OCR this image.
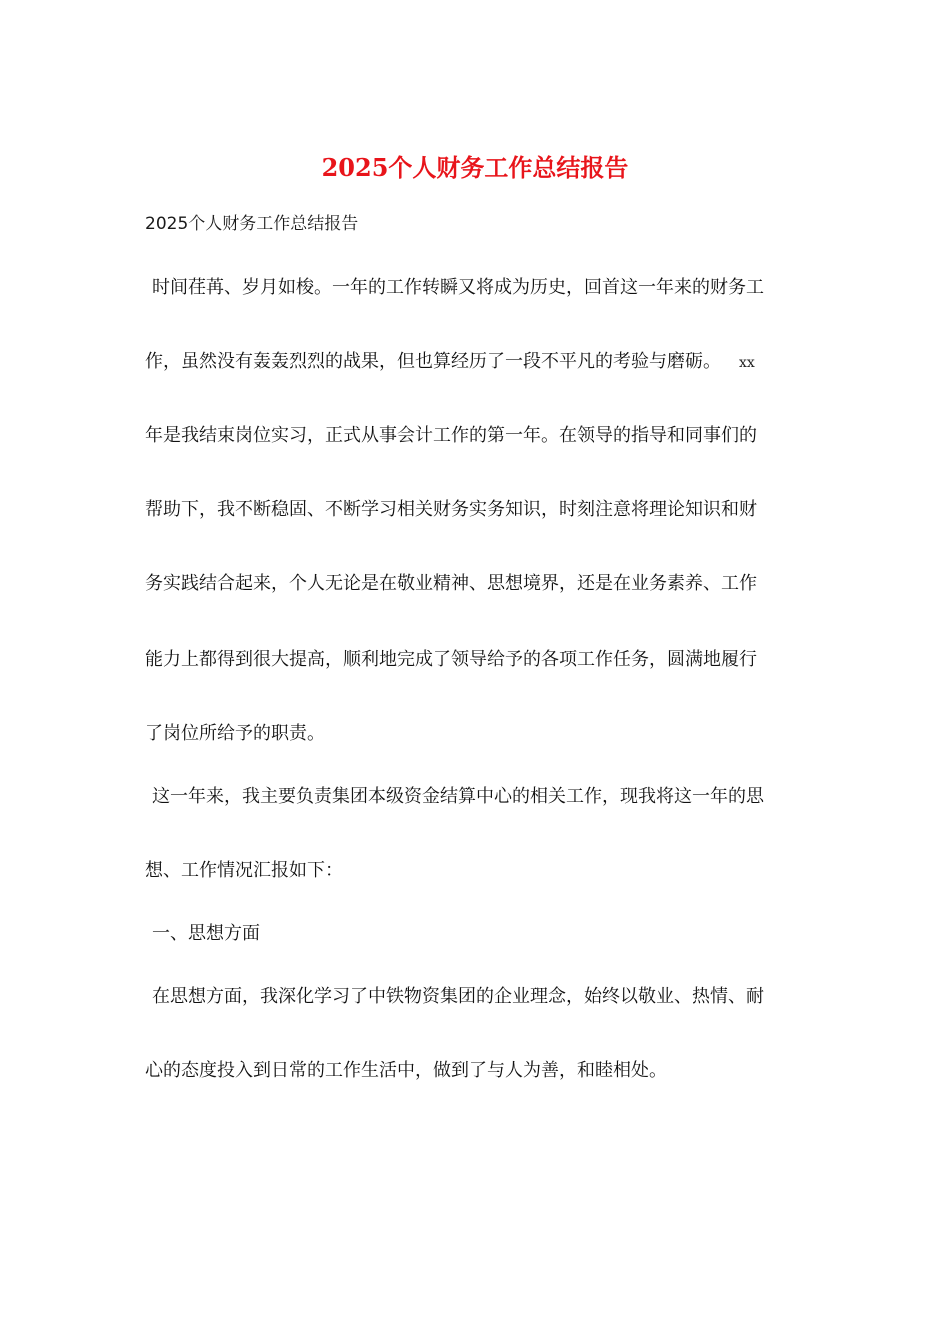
2025个人财务工作总结报告
2025个人财务工作总结报告
时间荏苒、岁月如梭。一年的工作转瞬又将成为历史，回首这一年来的财务工
作，虽然没有轰轰烈烈的战果，但也算经历了一段不平凡的考验与磨砺。 xx
年是我结束岗位实习，正式从事会计工作的第一年。在领导的指导和同事们的
帮助下，我不断稳固、不断学习相关财务实务知识，时刻注意将理论知识和财
务实践结合起来，个人无论是在敬业精神、思想境界，还是在业务素养、工作
能力上都得到很大提高，顺利地完成了领导给予的各项工作任务，圆满地履行
了岗位所给予的职责。
这一年来，我主要负责集团本级资金结算中心的相关工作，现我将这一年的思
想、工作情况汇报如下：
一、思想方面
在思想方面，我深化学习了中铁物资集团的企业理念，始终以敬业、热情、耐
心的态度投入到日常的工作生活中，做到了与人为善，和睦相处。
